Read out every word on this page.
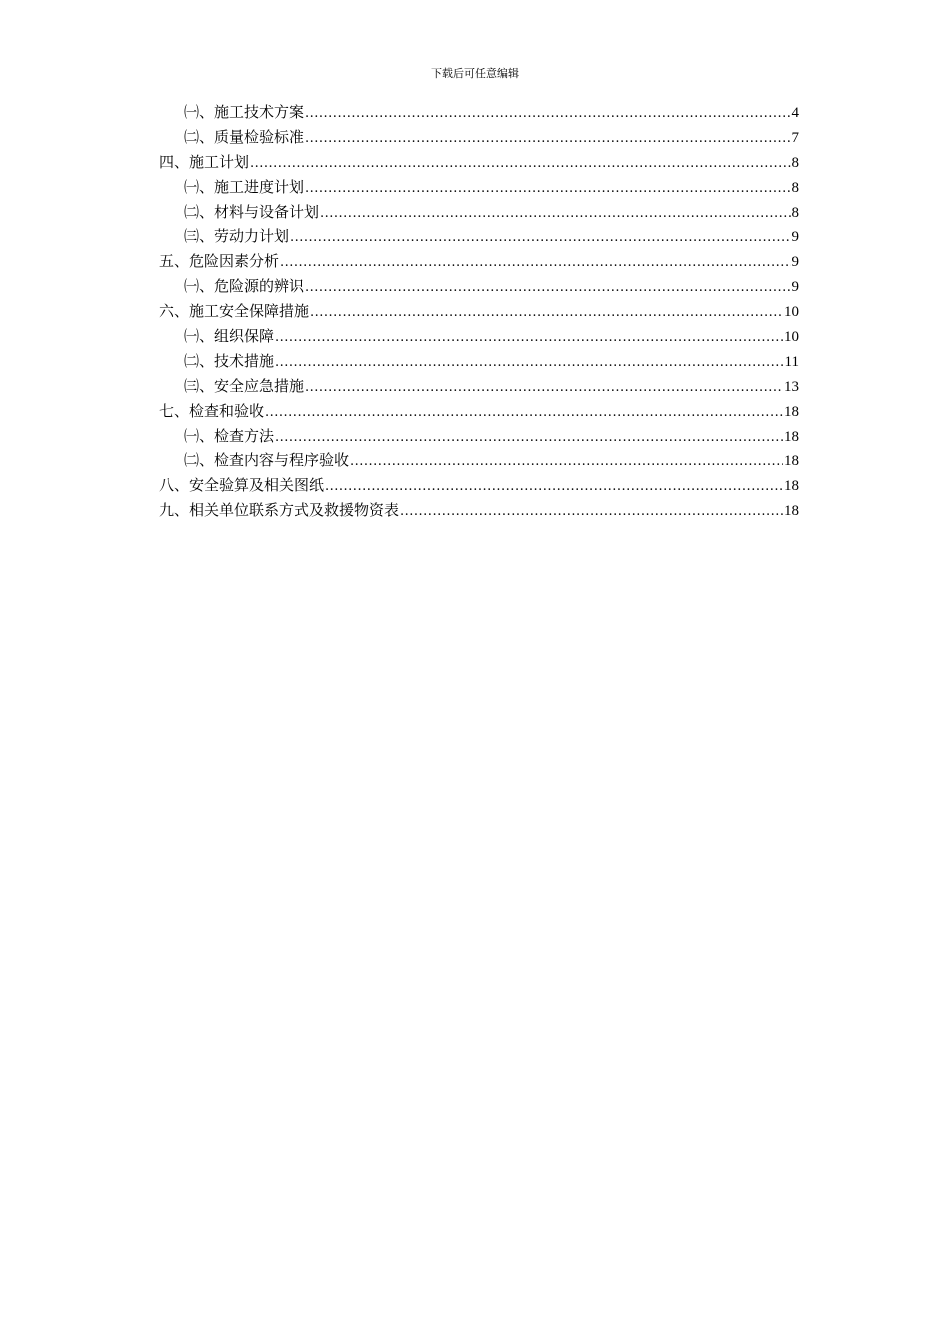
下载后可任意编辑
㈠、施工技术方案 .....	4
㈡、质量检验标准 .....	7
四、施工计划 .....	8
㈠、施工进度计划 .....	8
㈡、材料与设备计划 .....	8
㈢、劳动力计划 .....	9
五、危险因素分析 .....	9
㈠、危险源的辨识 .....	9
六、施工安全保障措施 .....	10
㈠、组织保障 .....	10
㈡、技术措施 .....	11
㈢、安全应急措施 .....	13
七、检查和验收 .....	18
㈠、检查方法 .....	18
㈡、检查内容与程序验收 .....	18
八、安全验算及相关图纸 .....	18
九、相关单位联系方式及救援物资表 .....	18
